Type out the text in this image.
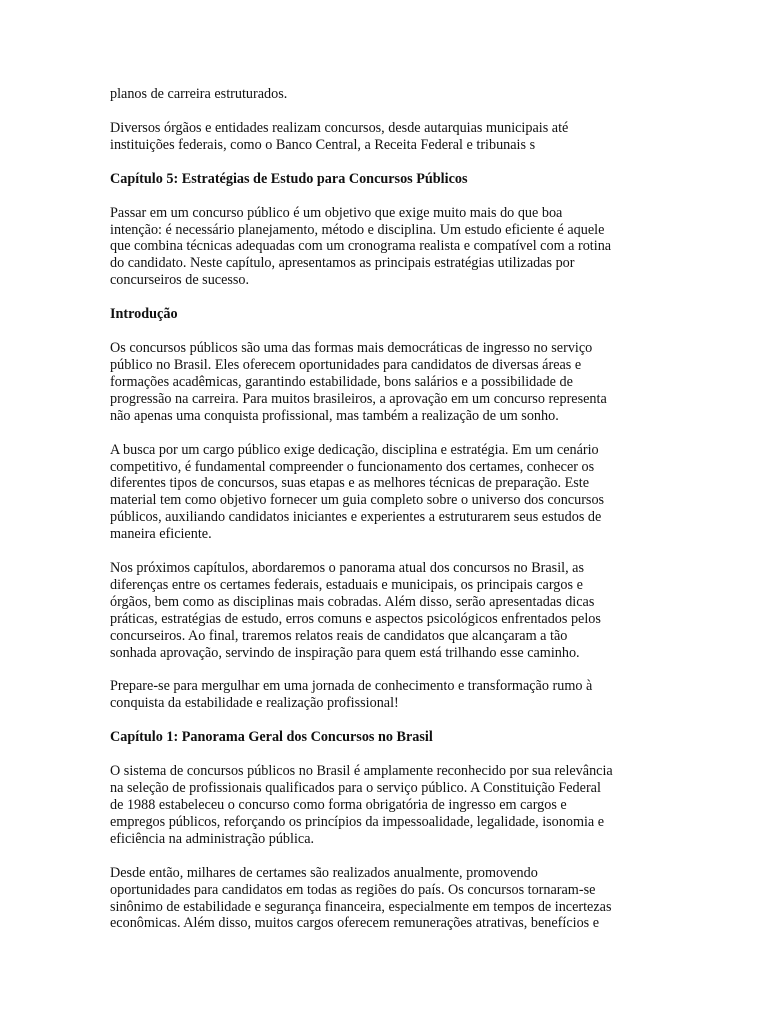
planos de carreira estruturados.

Diversos órgãos e entidades realizam concursos, desde autarquias municipais até
instituições federais, como o Banco Central, a Receita Federal e tribunais s

Capítulo 5: Estratégias de Estudo para Concursos Públicos

Passar em um concurso público é um objetivo que exige muito mais do que boa
intenção: é necessário planejamento, método e disciplina. Um estudo eficiente é aquele
que combina técnicas adequadas com um cronograma realista e compatível com a rotina
do candidato. Neste capítulo, apresentamos as principais estratégias utilizadas por
concurseiros de sucesso.

Introdução

Os concursos públicos são uma das formas mais democráticas de ingresso no serviço
público no Brasil. Eles oferecem oportunidades para candidatos de diversas áreas e
formações acadêmicas, garantindo estabilidade, bons salários e a possibilidade de
progressão na carreira. Para muitos brasileiros, a aprovação em um concurso representa
não apenas uma conquista profissional, mas também a realização de um sonho.

A busca por um cargo público exige dedicação, disciplina e estratégia. Em um cenário
competitivo, é fundamental compreender o funcionamento dos certames, conhecer os
diferentes tipos de concursos, suas etapas e as melhores técnicas de preparação. Este
material tem como objetivo fornecer um guia completo sobre o universo dos concursos
públicos, auxiliando candidatos iniciantes e experientes a estruturarem seus estudos de
maneira eficiente.

Nos próximos capítulos, abordaremos o panorama atual dos concursos no Brasil, as
diferenças entre os certames federais, estaduais e municipais, os principais cargos e
órgãos, bem como as disciplinas mais cobradas. Além disso, serão apresentadas dicas
práticas, estratégias de estudo, erros comuns e aspectos psicológicos enfrentados pelos
concurseiros. Ao final, traremos relatos reais de candidatos que alcançaram a tão
sonhada aprovação, servindo de inspiração para quem está trilhando esse caminho.

Prepare-se para mergulhar em uma jornada de conhecimento e transformação rumo à
conquista da estabilidade e realização profissional!

Capítulo 1: Panorama Geral dos Concursos no Brasil

O sistema de concursos públicos no Brasil é amplamente reconhecido por sua relevância
na seleção de profissionais qualificados para o serviço público. A Constituição Federal
de 1988 estabeleceu o concurso como forma obrigatória de ingresso em cargos e
empregos públicos, reforçando os princípios da impessoalidade, legalidade, isonomia e
eficiência na administração pública.

Desde então, milhares de certames são realizados anualmente, promovendo
oportunidades para candidatos em todas as regiões do país. Os concursos tornaram-se
sinônimo de estabilidade e segurança financeira, especialmente em tempos de incertezas
econômicas. Além disso, muitos cargos oferecem remunerações atrativas, benefícios e
